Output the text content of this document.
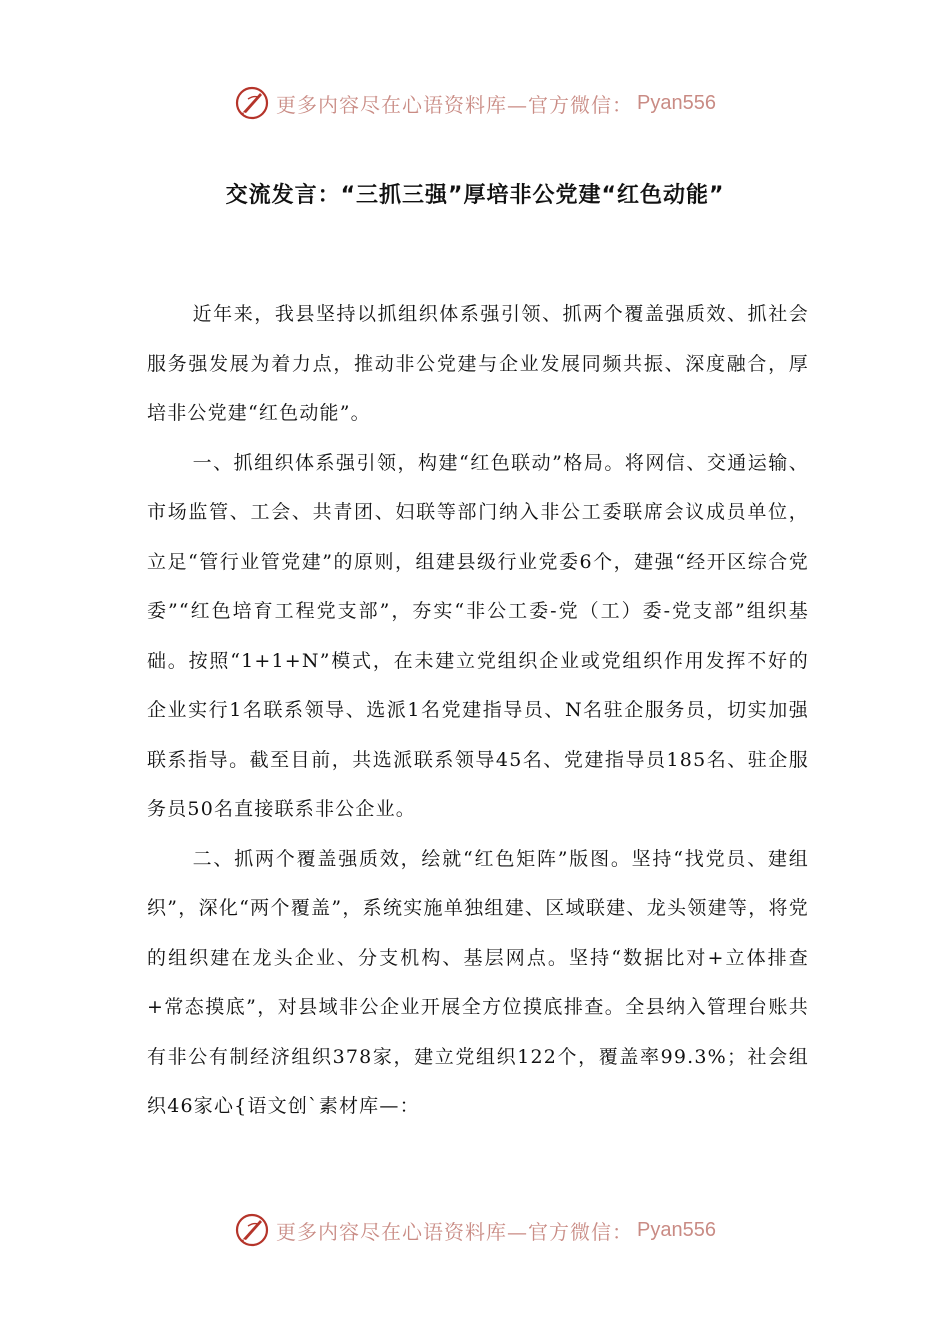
更多内容尽在心语资料库—官方微信： Pyan556
交流发言：“三抓三强”厚培非公党建“红色动能”

近年来，我县坚持以抓组织体系强引领、抓两个覆盖强质效、抓社会服务强发展为着力点，推动非公党建与企业发展同频共振、深度融合，厚培非公党建“红色动能”。

一、抓组织体系强引领，构建“红色联动”格局。将网信、交通运输、市场监管、工会、共青团、妇联等部门纳入非公工委联席会议成员单位，立足“管行业管党建”的原则，组建县级行业党委6个，建强“经开区综合党委”“红色培育工程党支部”，夯实“非公工委-党（工）委-党支部”组织基础。按照“1+1+N”模式，在未建立党组织企业或党组织作用发挥不好的企业实行1名联系领导、选派1名党建指导员、N名驻企服务员，切实加强联系指导。截至目前，共选派联系领导45名、党建指导员185名、驻企服务员50名直接联系非公企业。

二、抓两个覆盖强质效，绘就“红色矩阵”版图。坚持“找党员、建组织”，深化“两个覆盖”，系统实施单独组建、区域联建、龙头领建等，将党的组织建在龙头企业、分支机构、基层网点。坚持“数据比对+立体排查+常态摸底”，对县域非公企业开展全方位摸底排查。全县纳入管理台账共有非公有制经济组织378家，建立党组织122个，覆盖率99.3%；社会组织46家心{语文创`素材库—：

更多内容尽在心语资料库—官方微信： Pyan556
